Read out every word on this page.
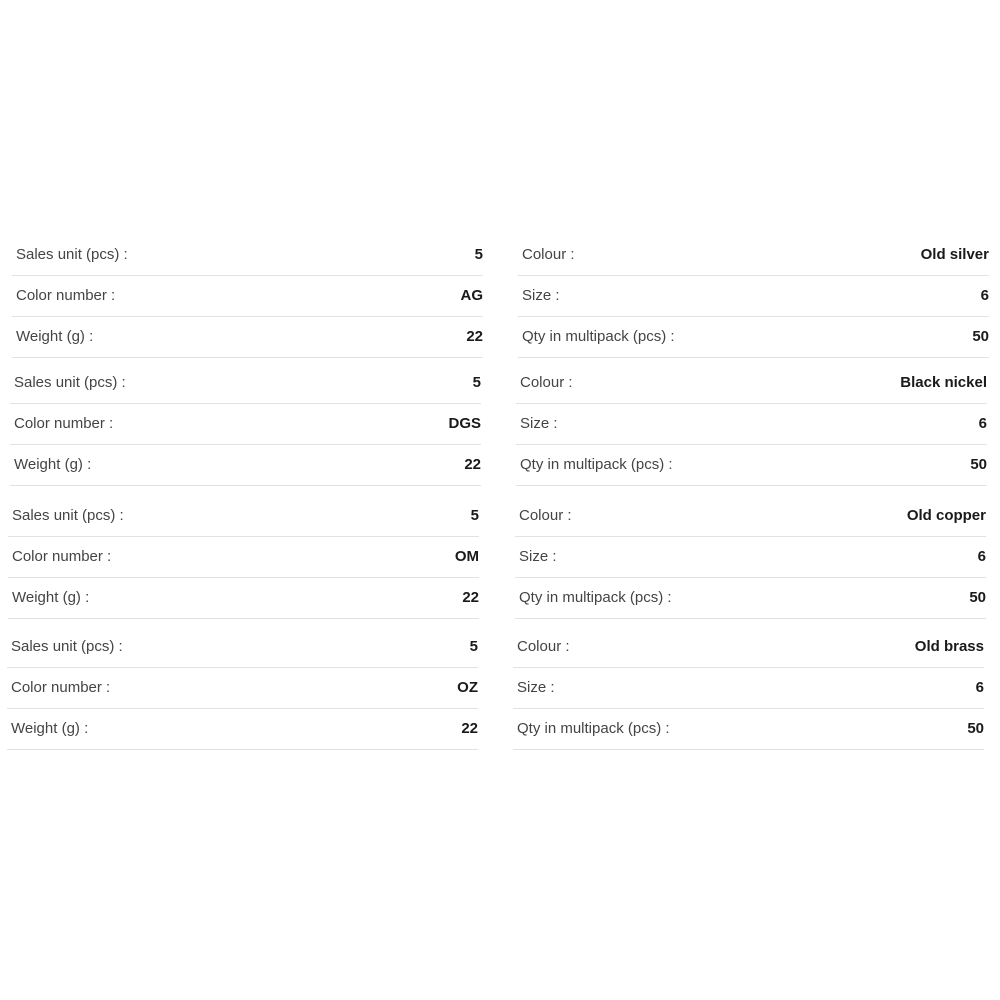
Sales unit (pcs) :	5
Color number :	AG
Weight (g) :	22
Colour :	Old silver
Size :	6
Qty in multipack (pcs) :	50
Sales unit (pcs) :	5
Color number :	DGS
Weight (g) :	22
Colour :	Black nickel
Size :	6
Qty in multipack (pcs) :	50
Sales unit (pcs) :	5
Color number :	OM
Weight (g) :	22
Colour :	Old copper
Size :	6
Qty in multipack (pcs) :	50
Sales unit (pcs) :	5
Color number :	OZ
Weight (g) :	22
Colour :	Old brass
Size :	6
Qty in multipack (pcs) :	50
